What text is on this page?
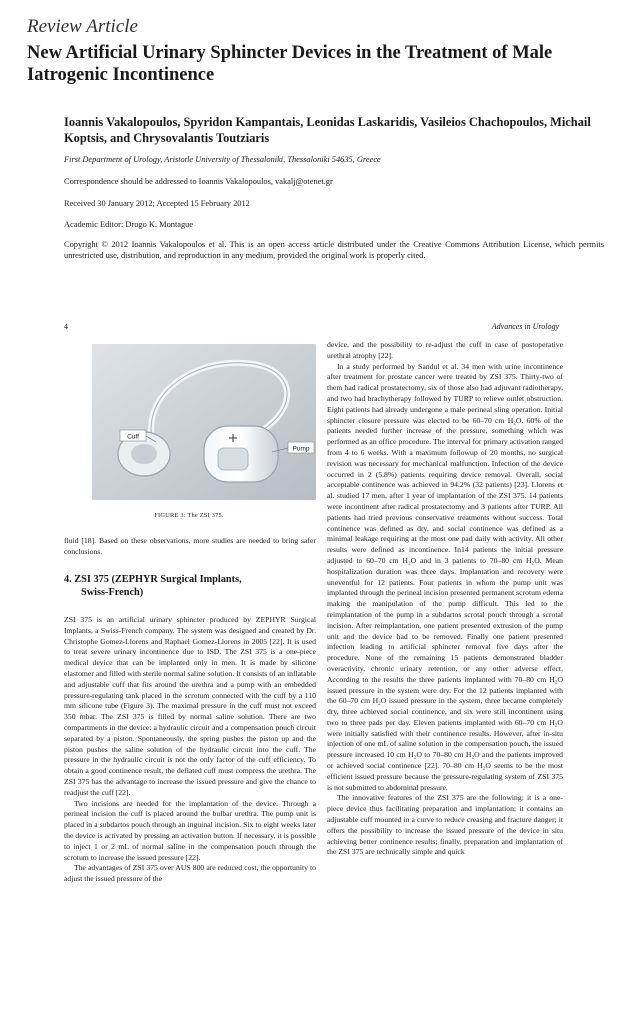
Review Article
New Artificial Urinary Sphincter Devices in the Treatment of Male Iatrogenic Incontinence
Ioannis Vakalopoulos, Spyridon Kampantais, Leonidas Laskaridis, Vasileios Chachopoulos, Michail Koptsis, and Chrysovalantis Toutziaris
First Department of Urology, Aristotle University of Thessaloniki, Thessaloniki 54635, Greece
Correspondence should be addressed to Ioannis Vakalopoulos, vakalj@otenet.gr
Received 30 January 2012; Accepted 15 February 2012
Academic Editor: Drogo K. Montague
Copyright © 2012 Ioannis Vakalopoulos et al. This is an open access article distributed under the Creative Commons Attribution License, which permits unrestricted use, distribution, and reproduction in any medium, provided the original work is properly cited.
4	Advances in Urology
Cuff
Pump
FIGURE 3: The ZSI 375.

fluid [18]. Based on these observations, more studies are needed to bring safer conclusions.

4. ZSI 375 (ZEPHYR Surgical Implants,
Swiss-French)

ZSI 375 is an artificial urinary sphincter produced by ZEPHYR Surgical Implants, a Swiss-French company. The system was designed and created by Dr. Christophe Gomez-Llorens and Raphael Gomez-Llorens in 2005 [22]. It is used to treat severe urinary incontinence due to ISD. The ZSI 375 is a one-piece medical device that can be implanted only in men. It is made by silicone elastomer and filled with sterile normal saline solution. It consists of an inflatable and adjustable cuff that fits around the urethra and a pump with an embedded pressure-regulating tank placed in the scrotum connected with the cuff by a 110 mm silicone tube (Figure 3). The maximal pressure in the cuff must not exceed 350 mbar. The ZSI 375 is filled by normal saline solution. There are two compartments in the device: a hydraulic circuit and a compensation pouch circuit separated by a piston. Spontaneously, the spring pushes the piston up and the piston pushes the saline solution of the hydraulic circuit into the cuff. The pressure in the hydraulic circuit is not the only factor of the cuff efficiency. To obtain a good continence result, the deflated cuff must compress the urethra. The ZSI 375 has the advantage to increase the issued pressure and give the chance to readjust the cuff [22].

Two incisions are needed for the implantation of the device. Through a perineal incision the cuff is placed around the bulbar urethra. The pump unit is placed in a subdartos pouch through an inguinal incision. Six to eight weeks later the device is activated by pressing an activation button. If necessary, it is possible to inject 1 or 2 mL of normal saline in the compensation pouch through the scrotum to increase the issued pressure [22].

The advantages of ZSI 375 over AUS 800 are reduced cost, the opportunity to adjust the issued pressure of the

device, and the possibility to re-adjust the cuff in case of postoperative urethral atrophy [22].

In a study performed by Sandul et al. 34 men with urine incontinence after treatment for prostate cancer were treated by ZSI 375. Thirty-two of them had radical prostatectomy, six of those also had adjuvant radiotherapy, and two had brachytherapy followed by TURP to relieve outlet obstruction. Eight patients had already undergone a male perineal sling operation. Initial sphincter closure pressure was elected to be 60–70 cm H₂O. 60% of the patients needed further increase of the pressure, something which was performed as an office procedure. The interval for primary activation ranged from 4 to 6 weeks. With a maximum followup of 20 months, no surgical revision was necessary for mechanical malfunction. Infection of the device occurred in 2 (5.8%) patients requiring device removal. Overall, social acceptable continence was achieved in 94.2% (32 patients) [23]. Llorens et al. studied 17 men, after 1 year of implantation of the ZSI 375. 14 patients were incontinent after radical prostatectomy and 3 patients after TURP. All patients had tried previous conservative treatments without success. Total continence was defined as dry, and social continence was defined as a minimal leakage requiring at the most one pad daily with activity. All other results were defined as incontinence. In14 patients the initial pressure adjusted to 60–70 cm H₂O and in 3 patients to 70–80 cm H₂O. Mean hospitalization duration was three days. Implantation and recovery were uneventful for 12 patients. Four patients in whom the pump unit was implanted through the perineal incision presented permanent scrotum edema making the manipulation of the pump difficult. This led to the reimplantation of the pump in a subdartos scrotal pouch through a scrotal incision. After reimplantation, one patient presented extrusion of the pump unit and the device had to be removed. Finally one patient presented infection leading to artificial sphincter removal five days after the procedure. None of the remaining 15 patients demonstrated bladder overactivity, chronic urinary retention, or any other adverse effect. According to the results the three patients implanted with 70–80 cm H₂O issued pressure in the system were dry. For the 12 patients implanted with the 60–70 cm H₂O issued pressure in the system, three became completely dry, three achieved social continence, and six were still incontinent using two to three pads per day. Eleven patients implanted with 60–70 cm H₂O were initially satisfied with their continence results. However, after in-situ injection of one mL of saline solution in the compensation pouch, the issued pressure increased 10 cm H₂O to 70–80 cm H₂O and the patients improved or achieved social continence [22]. 70–80 cm H₂O seems to be the most efficient issued pressure because the pressure-regulating system of ZSI 375 is not submitted to abdominal pressure.

The innovative features of the ZSI 375 are the following: it is a one-piece device thus facilitating preparation and implantation; it contains an adjustable cuff mounted in a curve to reduce creasing and fracture danger; it offers the possibility to increase the issued pressure of the device in situ achieving better continence results; finally, preparation and implantation of the ZSI 375 are technically simple and quick
